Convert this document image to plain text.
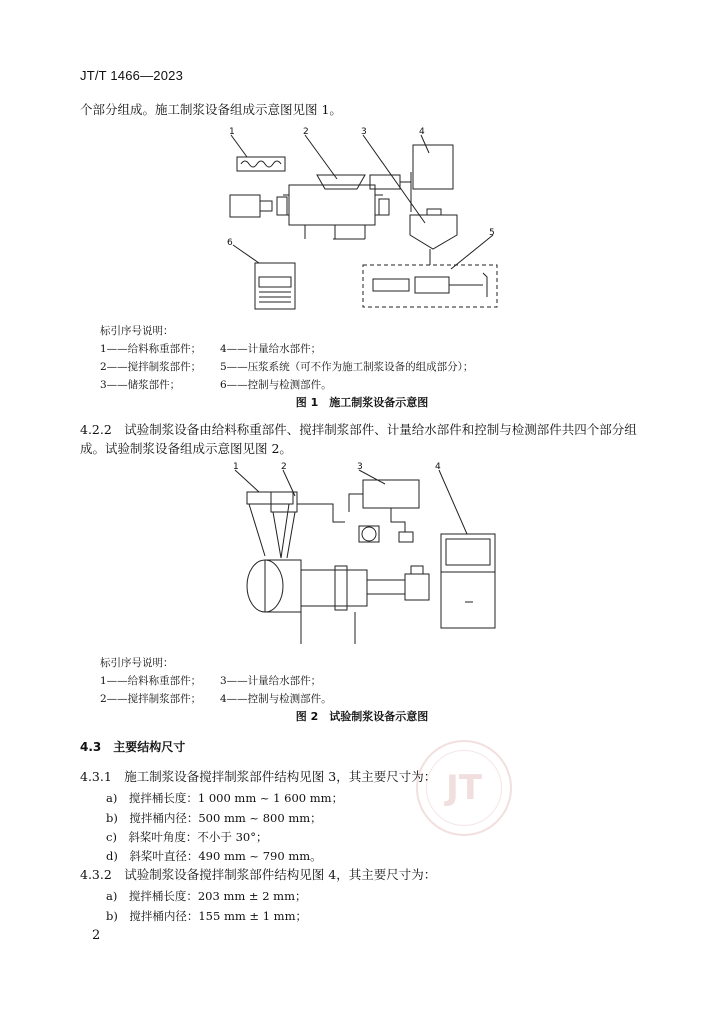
JT/T 1466—2023
个部分组成。施工制浆设备组成示意图见图 1。
1	2	3	4
5
6
标引序号说明：
1——给料称重部件；
2——搅拌制浆部件；
3——储浆部件；
4——计量给水部件；
5——压浆系统（可不作为施工制浆设备的组成部分）；
6——控制与检测部件。
图 1　施工制浆设备示意图
4.2.2　试验制浆设备由给料称重部件、搅拌制浆部件、计量给水部件和控制与检测部件共四个部分组
成。试验制浆设备组成示意图见图 2。
1	2	3	4
标引序号说明：
1——给料称重部件；
2——搅拌制浆部件；
3——计量给水部件；
4——控制与检测部件。
图 2　试验制浆设备示意图
JT
4.3　主要结构尺寸
4.3.1　施工制浆设备搅拌制浆部件结构见图 3，其主要尺寸为：
a)　搅拌桶长度：1 000 mm ~ 1 600 mm；
b)　搅拌桶内径：500 mm ~ 800 mm；
c)　斜桨叶角度：不小于 30°；
d)　斜桨叶直径：490 mm ~ 790 mm。
4.3.2　试验制浆设备搅拌制浆部件结构见图 4，其主要尺寸为：
a)　搅拌桶长度：203 mm ± 2 mm；
b)　搅拌桶内径：155 mm ± 1 mm；
2
